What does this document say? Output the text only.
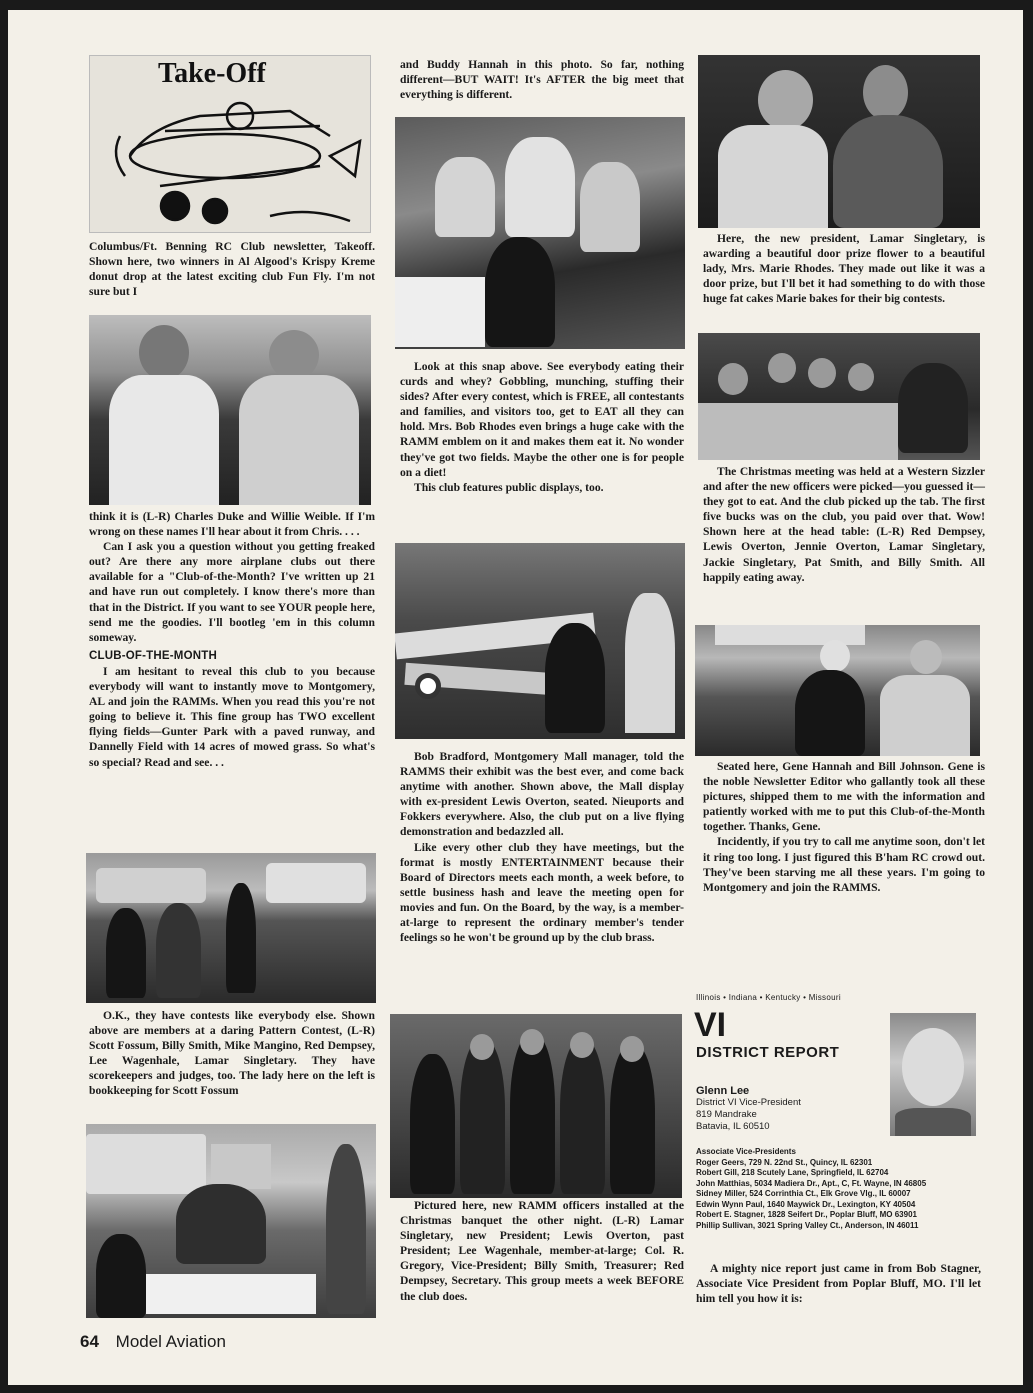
Take-Off

Columbus/Ft. Benning RC Club newsletter, Takeoff. Shown here, two winners in Al Algood's Krispy Kreme donut drop at the latest exciting club Fun Fly. I'm not sure but I

think it is (L-R) Charles Duke and Willie Weible. If I'm wrong on these names I'll hear about it from Chris. . . .

Can I ask you a question without you getting freaked out? Are there any more airplane clubs out there available for a "Club-of-the-Month? I've written up 21 and have run out completely. I know there's more than that in the District. If you want to see YOUR people here, send me the goodies. I'll bootleg 'em in this column someway.

CLUB-OF-THE-MONTH

I am hesitant to reveal this club to you because everybody will want to instantly move to Montgomery, AL and join the RAMMs. When you read this you're not going to believe it. This fine group has TWO excellent flying fields—Gunter Park with a paved runway, and Dannelly Field with 14 acres of mowed grass. So what's so special? Read and see. . .

O.K., they have contests like everybody else. Shown above are members at a daring Pattern Contest, (L-R) Scott Fossum, Billy Smith, Mike Mangino, Red Dempsey, Lee Wagenhale, Lamar Singletary. They have scorekeepers and judges, too. The lady here on the left is bookkeeping for Scott Fossum

and Buddy Hannah in this photo. So far, nothing different—BUT WAIT! It's AFTER the big meet that everything is different.

Look at this snap above. See everybody eating their curds and whey? Gobbling, munching, stuffing their sides? After every contest, which is FREE, all contestants and families, and visitors too, get to EAT all they can hold. Mrs. Bob Rhodes even brings a huge cake with the RAMM emblem on it and makes them eat it. No wonder they've got two fields. Maybe the other one is for people on a diet!

This club features public displays, too.

Bob Bradford, Montgomery Mall manager, told the RAMMS their exhibit was the best ever, and come back anytime with another. Shown above, the Mall display with ex-president Lewis Overton, seated. Nieuports and Fokkers everywhere. Also, the club put on a live flying demonstration and bedazzled all.

Like every other club they have meetings, but the format is mostly ENTERTAINMENT because their Board of Directors meets each month, a week before, to settle business hash and leave the meeting open for movies and fun. On the Board, by the way, is a member-at-large to represent the ordinary member's tender feelings so he won't be ground up by the club brass.

Pictured here, new RAMM officers installed at the Christmas banquet the other night. (L-R) Lamar Singletary, new President; Lewis Overton, past President; Lee Wagenhale, member-at-large; Col. R. Gregory, Vice-President; Billy Smith, Treasurer; Red Dempsey, Secretary. This group meets a week BEFORE the club does.

Here, the new president, Lamar Singletary, is awarding a beautiful door prize flower to a beautiful lady, Mrs. Marie Rhodes. They made out like it was a door prize, but I'll bet it had something to do with those huge fat cakes Marie bakes for their big contests.

The Christmas meeting was held at a Western Sizzler and after the new officers were picked—you guessed it—they got to eat. And the club picked up the tab. The first five bucks was on the club, you paid over that. Wow! Shown here at the head table: (L-R) Red Dempsey, Lewis Overton, Jennie Overton, Lamar Singletary, Jackie Singletary, Pat Smith, and Billy Smith. All happily eating away.

Seated here, Gene Hannah and Bill Johnson. Gene is the noble Newsletter Editor who gallantly took all these pictures, shipped them to me with the information and patiently worked with me to put this Club-of-the-Month together. Thanks, Gene.

Incidently, if you try to call me anytime soon, don't let it ring too long. I just figured this B'ham RC crowd out. They've been starving me all these years. I'm going to Montgomery and join the RAMMS.

Illinois • Indiana • Kentucky • Missouri
VI
DISTRICT REPORT
Glenn Lee
District VI Vice-President
819 Mandrake
Batavia, IL 60510
Associate Vice-Presidents
Roger Geers, 729 N. 22nd St., Quincy, IL 62301
Robert Gill, 218 Scutely Lane, Springfield, IL 62704
John Matthias, 5034 Madiera Dr., Apt., C, Ft. Wayne, IN 46805
Sidney Miller, 524 Corrinthia Ct., Elk Grove Vlg., IL 60007
Edwin Wynn Paul, 1640 Maywick Dr., Lexington, KY 40504
Robert E. Stagner, 1828 Seifert Dr., Poplar Bluff, MO 63901
Phillip Sullivan, 3021 Spring Valley Ct., Anderson, IN 46011

A mighty nice report just came in from Bob Stagner, Associate Vice President from Poplar Bluff, MO. I'll let him tell you how it is:

64 Model Aviation
